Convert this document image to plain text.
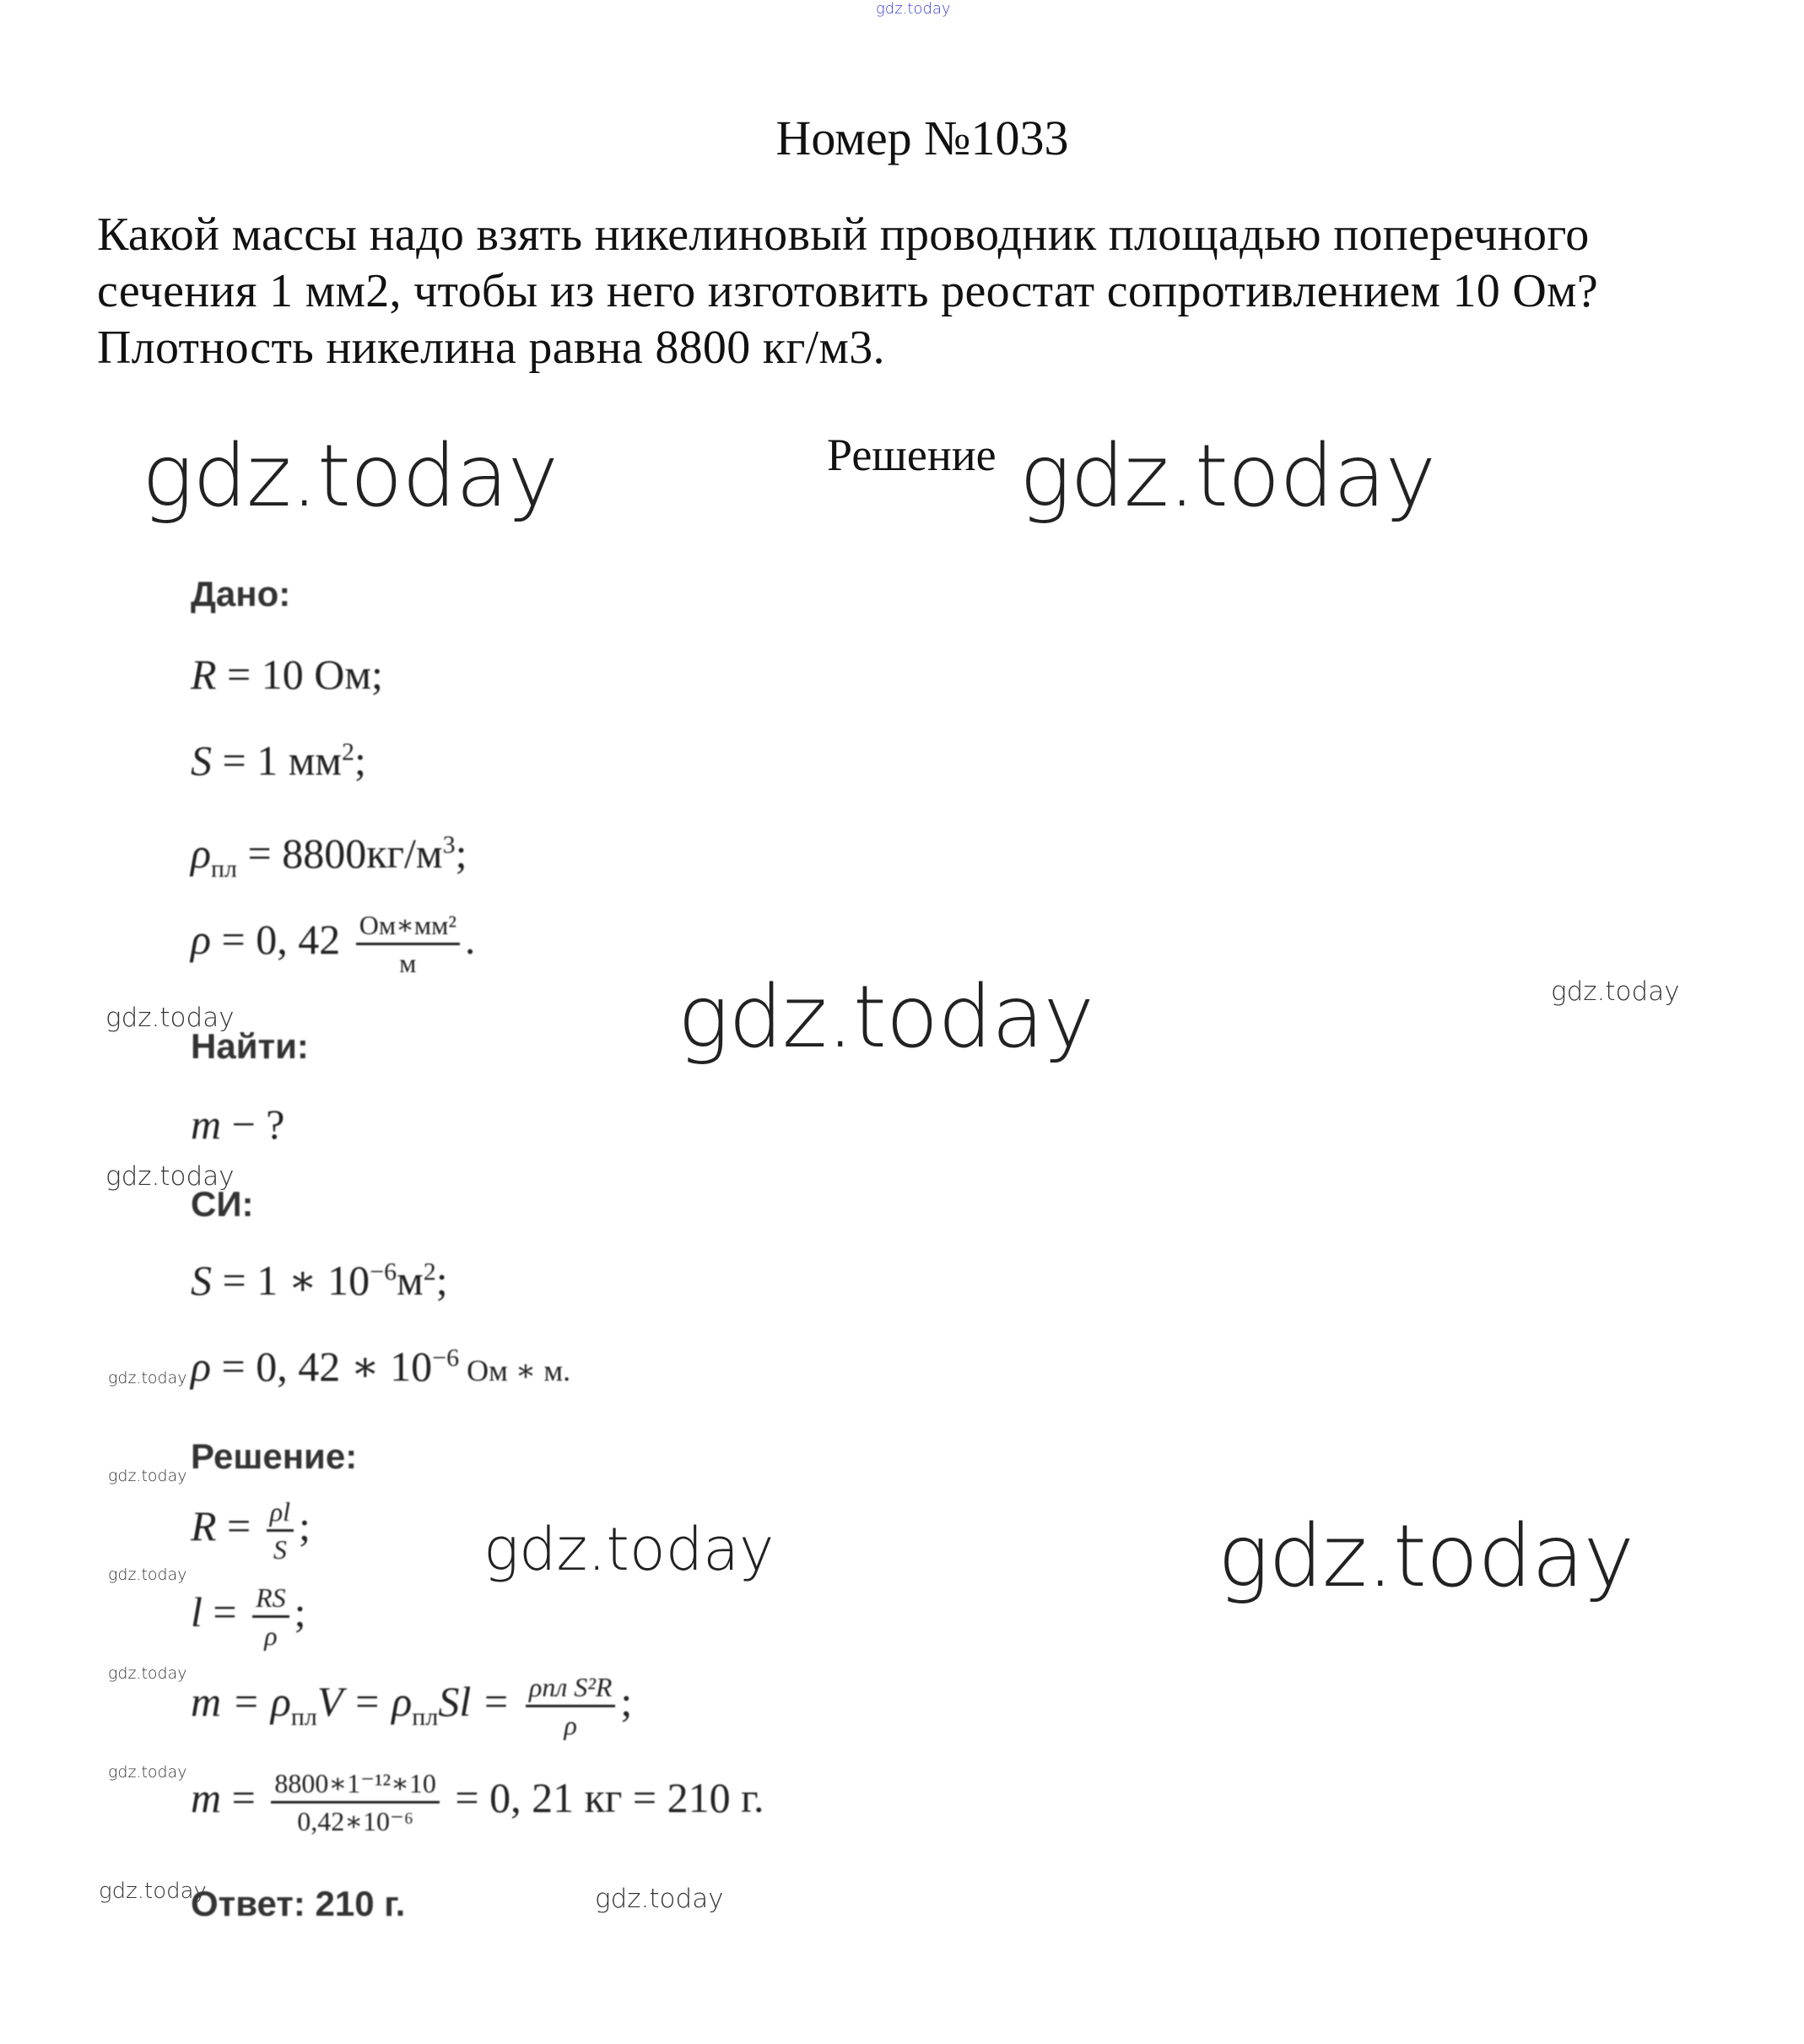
gdz.today
Номер №1033
Какой массы надо взять никелиновый проводник площадью поперечного сечения 1 мм2, чтобы из него изготовить реостат сопротивлением 10 Ом? Плотность никелина равна 8800 кг/м3.
Решение
gdz.today	gdz.today
gdz.today
gdz.today
gdz.today
gdz.today
gdz.today
gdz.today
gdz.today
gdz.today
gdz.today
gdz.today
gdz.today
gdz.today
gdz.today
Дано:
R = 10 Ом;
S = 1 $мм^2$;
$\rho_{пл} = 8800кг/м^3$;
ρ = 0, $42 \frac{\text{Ом∗мм²}}{м}$ .
Найти:
m − ?
СИ:
S = 1 ∗ $10^{-6}м^2$;
ρ = 0, 42 ∗ $10^{-6}$ Ом ∗ м.
Решение:
$R = \frac{\rho l}{S}$ ;
$l = \frac{RS}{\rho}$ ;
$m = \rho_{пл}V = \rho_{пл}Sl = \frac{\text{ρпл S²R}}{\rho}$ ;
$m = \frac{\text{8800∗1⁻¹²∗10}}{\text{0,42∗10⁻⁶}} = 0$, 21 кг = 210 г.
Ответ: 210 г.
